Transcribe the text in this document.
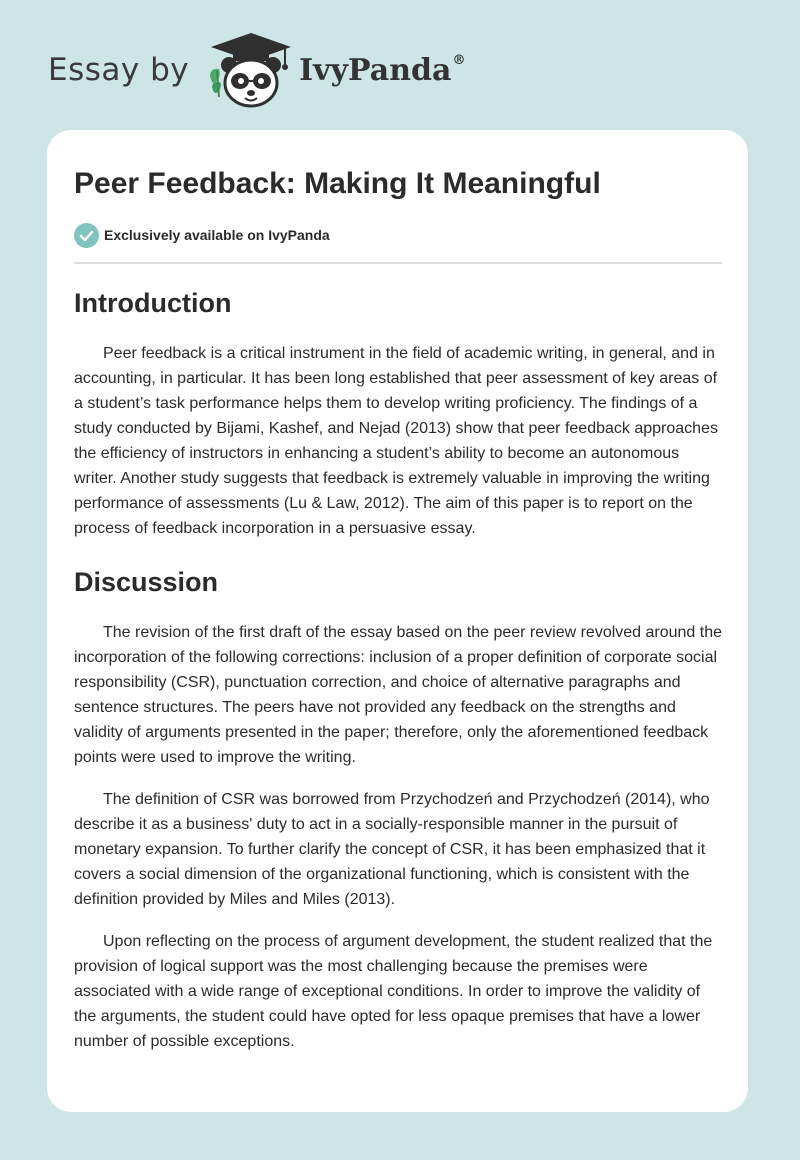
Essay by	IvyPanda®
Peer Feedback: Making It Meaningful
Exclusively available on IvyPanda
Introduction

Peer feedback is a critical instrument in the field of academic writing, in general, and in accounting, in particular. It has been long established that peer assessment of key areas of a student’s task performance helps them to develop writing proficiency. The findings of a study conducted by Bijami, Kashef, and Nejad (2013) show that peer feedback approaches the efficiency of instructors in enhancing a student’s ability to become an autonomous writer. Another study suggests that feedback is extremely valuable in improving the writing performance of assessments (Lu & Law, 2012). The aim of this paper is to report on the process of feedback incorporation in a persuasive essay.

Discussion

The revision of the first draft of the essay based on the peer review revolved around the incorporation of the following corrections: inclusion of a proper definition of corporate social responsibility (CSR), punctuation correction, and choice of alternative paragraphs and sentence structures. The peers have not provided any feedback on the strengths and validity of arguments presented in the paper; therefore, only the aforementioned feedback points were used to improve the writing.

The definition of CSR was borrowed from Przychodzeń and Przychodzeń (2014), who describe it as a business' duty to act in a socially-responsible manner in the pursuit of monetary expansion. To further clarify the concept of CSR, it has been emphasized that it covers a social dimension of the organizational functioning, which is consistent with the definition provided by Miles and Miles (2013).

Upon reflecting on the process of argument development, the student realized that the provision of logical support was the most challenging because the premises were associated with a wide range of exceptional conditions. In order to improve the validity of the arguments, the student could have opted for less opaque premises that have a lower number of possible exceptions.
